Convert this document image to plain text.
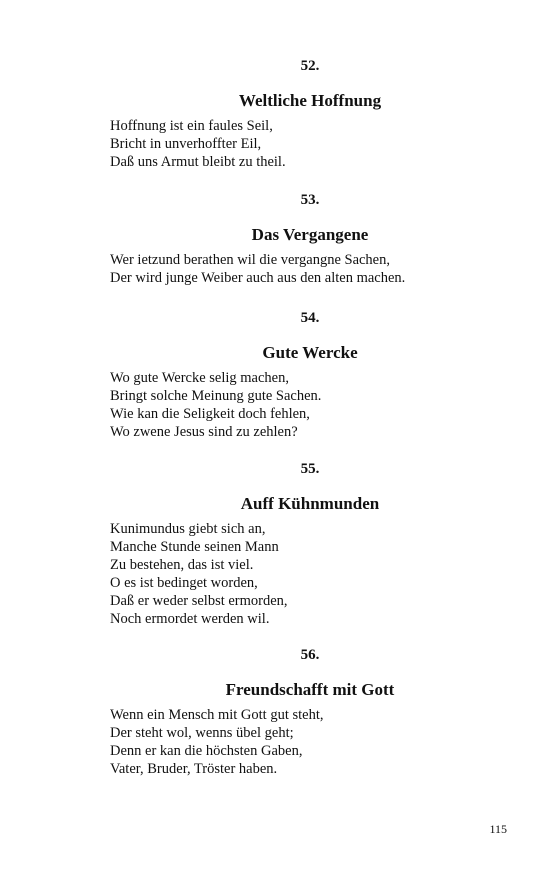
52.
Weltliche Hoffnung
Hoffnung ist ein faules Seil,
Bricht in unverhoffter Eil,
Daß uns Armut bleibt zu theil.
53.
Das Vergangene
Wer ietzund berathen wil die vergangne Sachen,
Der wird junge Weiber auch aus den alten machen.
54.
Gute Wercke
Wo gute Wercke selig machen,
Bringt solche Meinung gute Sachen.
Wie kan die Seligkeit doch fehlen,
Wo zwene Jesus sind zu zehlen?
55.
Auff Kühnmunden
Kunimundus giebt sich an,
Manche Stunde seinen Mann
Zu bestehen, das ist viel.
O es ist bedinget worden,
Daß er weder selbst ermorden,
Noch ermordet werden wil.
56.
Freundschafft mit Gott
Wenn ein Mensch mit Gott gut steht,
Der steht wol, wenns übel geht;
Denn er kan die höchsten Gaben,
Vater, Bruder, Tröster haben.
115
